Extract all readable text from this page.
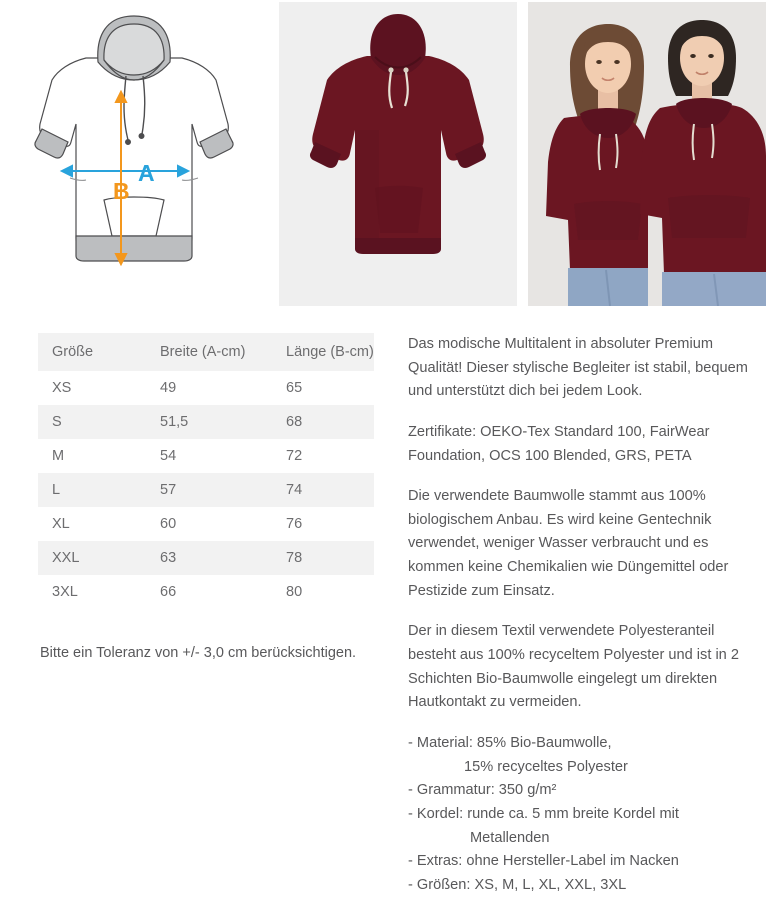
A
B
Größe	Breite (A-cm)	Länge (B-cm)
XS	49	65
S	51,5	68
M	54	72
L	57	74
XL	60	76
XXL	63	78
3XL	66	80
Bitte ein Toleranz von +/- 3,0 cm berücksichtigen.

Das modische Multitalent in absoluter Premium Qualität! Dieser stylische Begleiter ist stabil, bequem und unterstützt dich bei jedem Look.

Zertifikate: OEKO-Tex Standard 100, FairWear Foundation, OCS 100 Blended, GRS, PETA

Die verwendete Baumwolle stammt aus 100% biologischem Anbau. Es wird keine Gentechnik verwendet, weniger Wasser verbraucht und es kommen keine Chemikalien wie Düngemittel oder Pestizide zum Einsatz.

Der in diesem Textil verwendete Polyesteranteil besteht aus 100% recyceltem Polyester und ist in 2 Schichten Bio-Baumwolle eingelegt um direkten Hautkontakt zu vermeiden.

- Material: 85% Bio-Baumwolle,
15% recyceltes Polyester
- Grammatur: 350 g/m²
- Kordel: runde ca. 5 mm breite Kordel mit
Metallenden
- Extras: ohne Hersteller-Label im Nacken
- Größen: XS, M, L, XL, XXL, 3XL
